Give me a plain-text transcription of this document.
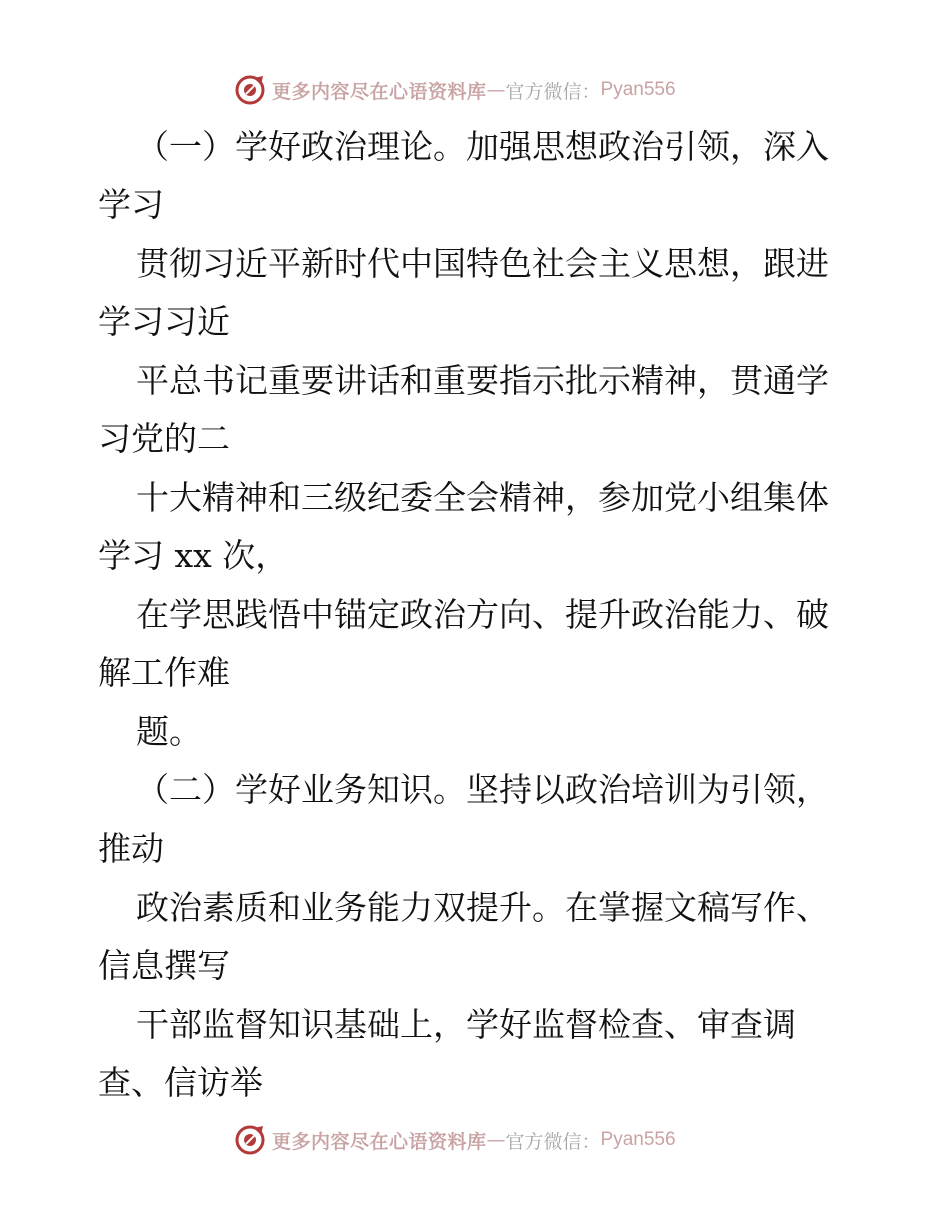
更多内容尽在心语资料库 — 官方微信： Pyan556
（一）学好政治理论。加强思想政治引领，深入
学习
贯彻习近平新时代中国特色社会主义思想，跟进
学习习近
平总书记重要讲话和重要指示批示精神，贯通学
习党的二
十大精神和三级纪委全会精神，参加党小组集体
学习 xx 次，
在学思践悟中锚定政治方向、提升政治能力、破
解工作难
题。
（二）学好业务知识。坚持以政治培训为引领，
推动
政治素质和业务能力双提升。在掌握文稿写作、
信息撰写
干部监督知识基础上，学好监督检查、审查调
查、信访举
更多内容尽在心语资料库 — 官方微信： Pyan556
